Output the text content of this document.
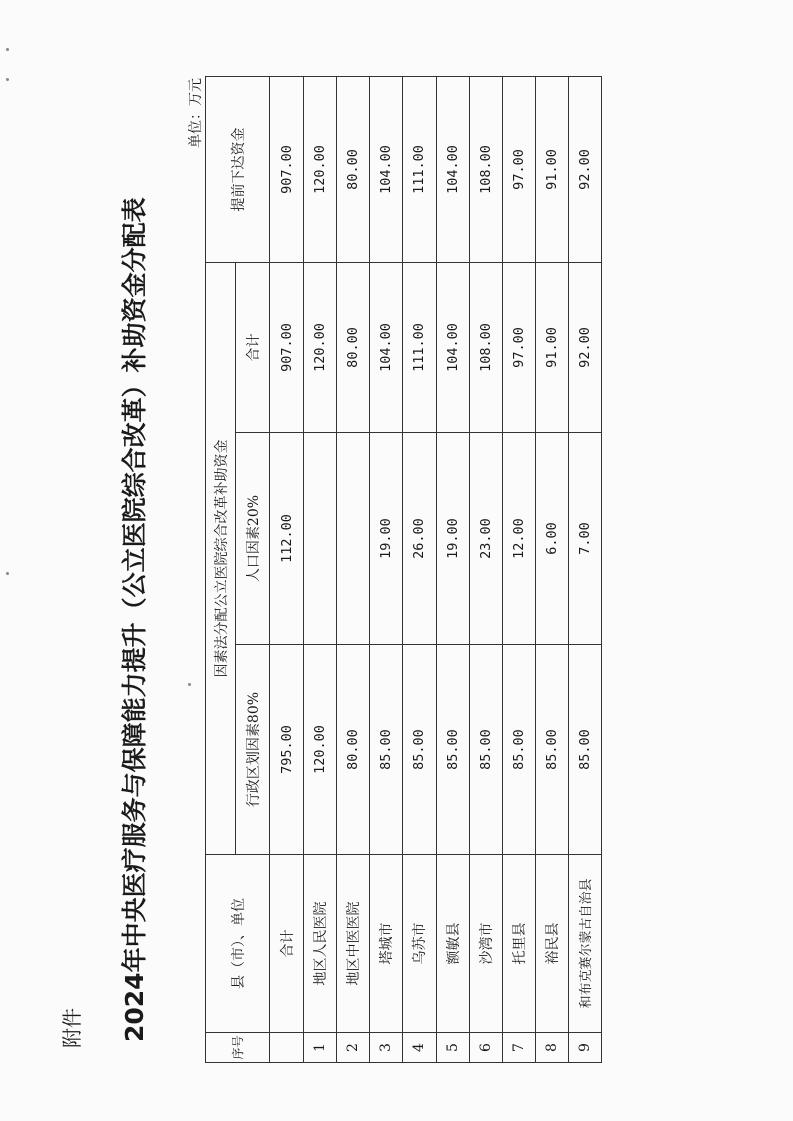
附件 2024年中央医疗服务与保障能力提升（公立医院综合改革）补助资金分配表
单位：万元
序号	县（市）、单位	因素法分配公立医院综合改革补助资金			提前下达资金
		行政区划因素80%	人口因素20%	合计	

	合计	795.00	112.00	907.00	907.00
1	地区人民医院	120.00		120.00	120.00
2	地区中医医院	80.00		80.00	80.00
3	塔城市	85.00	19.00	104.00	104.00
4	乌苏市	85.00	26.00	111.00	111.00
5	额敏县	85.00	19.00	104.00	104.00
6	沙湾市	85.00	23.00	108.00	108.00
7	托里县	85.00	12.00	97.00	97.00
8	裕民县	85.00	6.00	91.00	91.00
9	和布克赛尔蒙古自治县	85.00	7.00	92.00	92.00
